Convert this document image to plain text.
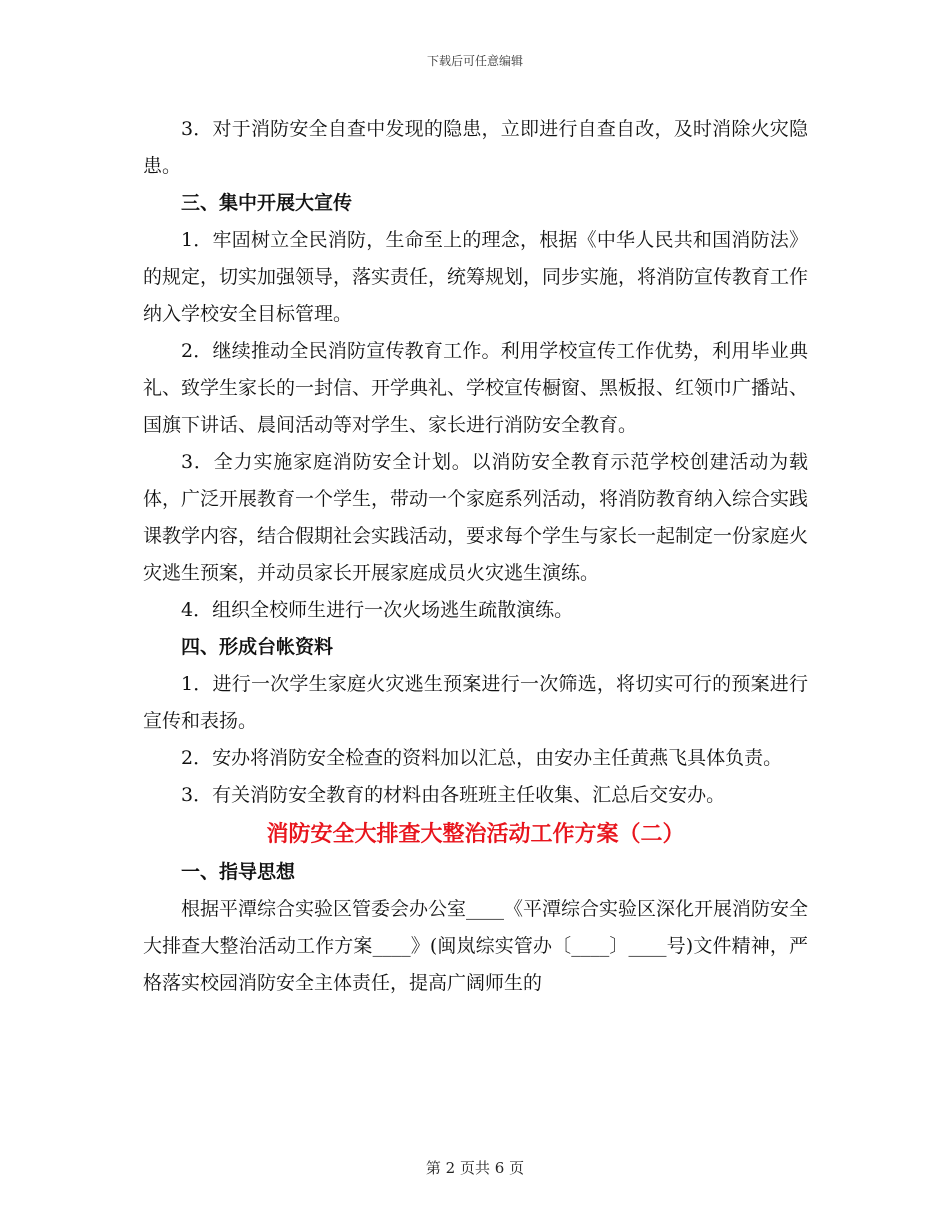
下载后可任意编辑

3．对于消防安全自查中发现的隐患，立即进行自查自改，及时消除火灾隐患。

三、集中开展大宣传

1．牢固树立全民消防，生命至上的理念，根据《中华人民共和国消防法》的规定，切实加强领导，落实责任，统筹规划，同步实施，将消防宣传教育工作纳入学校安全目标管理。

2．继续推动全民消防宣传教育工作。利用学校宣传工作优势，利用毕业典礼、致学生家长的一封信、开学典礼、学校宣传橱窗、黑板报、红领巾广播站、国旗下讲话、晨间活动等对学生、家长进行消防安全教育。

3．全力实施家庭消防安全计划。以消防安全教育示范学校创建活动为载体，广泛开展教育一个学生，带动一个家庭系列活动，将消防教育纳入综合实践课教学内容，结合假期社会实践活动，要求每个学生与家长一起制定一份家庭火灾逃生预案，并动员家长开展家庭成员火灾逃生演练。

4．组织全校师生进行一次火场逃生疏散演练。

四、形成台帐资料

1．进行一次学生家庭火灾逃生预案进行一次筛选，将切实可行的预案进行宣传和表扬。

2．安办将消防安全检查的资料加以汇总，由安办主任黄燕飞具体负责。

3．有关消防安全教育的材料由各班班主任收集、汇总后交安办。

消防安全大排查大整治活动工作方案（二）

一、指导思想

根据平潭综合实验区管委会办公室____《平潭综合实验区深化开展消防安全大排查大整治活动工作方案____》(闽岚综实管办〔____〕____号)文件精神，严格落实校园消防安全主体责任，提高广阔师生的

第 2 页共 6 页
